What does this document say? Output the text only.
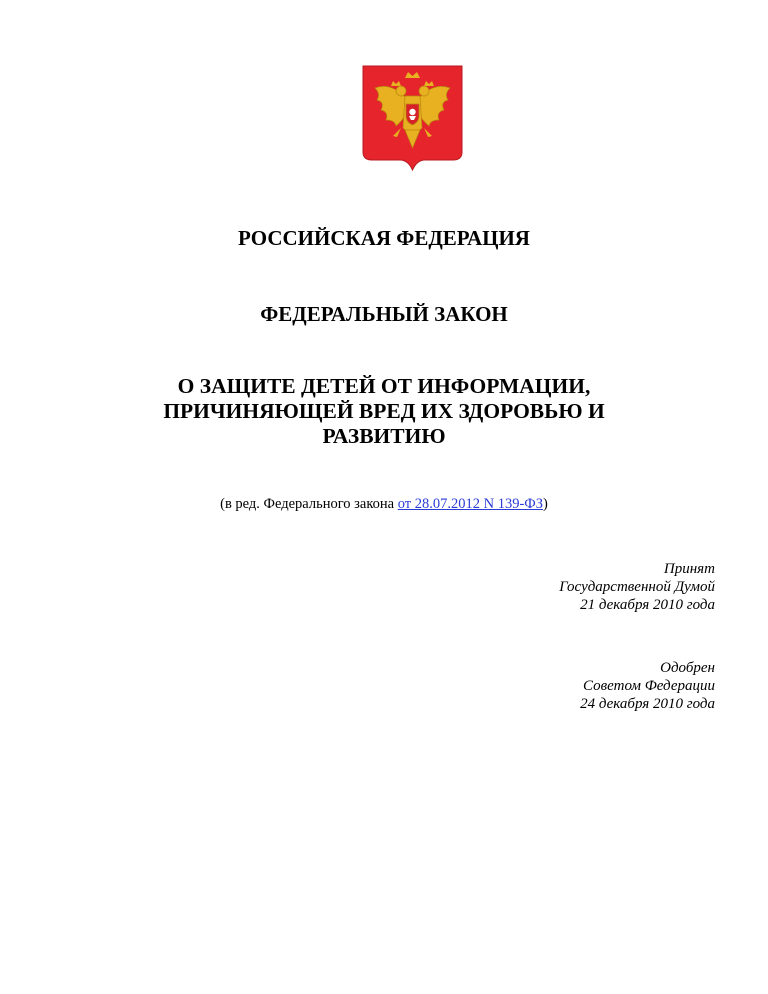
РОССИЙСКАЯ ФЕДЕРАЦИЯ
ФЕДЕРАЛЬНЫЙ ЗАКОН
О ЗАЩИТЕ ДЕТЕЙ ОТ ИНФОРМАЦИИ,
ПРИЧИНЯЮЩЕЙ ВРЕД ИХ ЗДОРОВЬЮ И
РАЗВИТИЮ
(в ред. Федерального закона от 28.07.2012 N 139-ФЗ)
Принят
Государственной Думой
21 декабря 2010 года
Одобрен
Советом Федерации
24 декабря 2010 года
